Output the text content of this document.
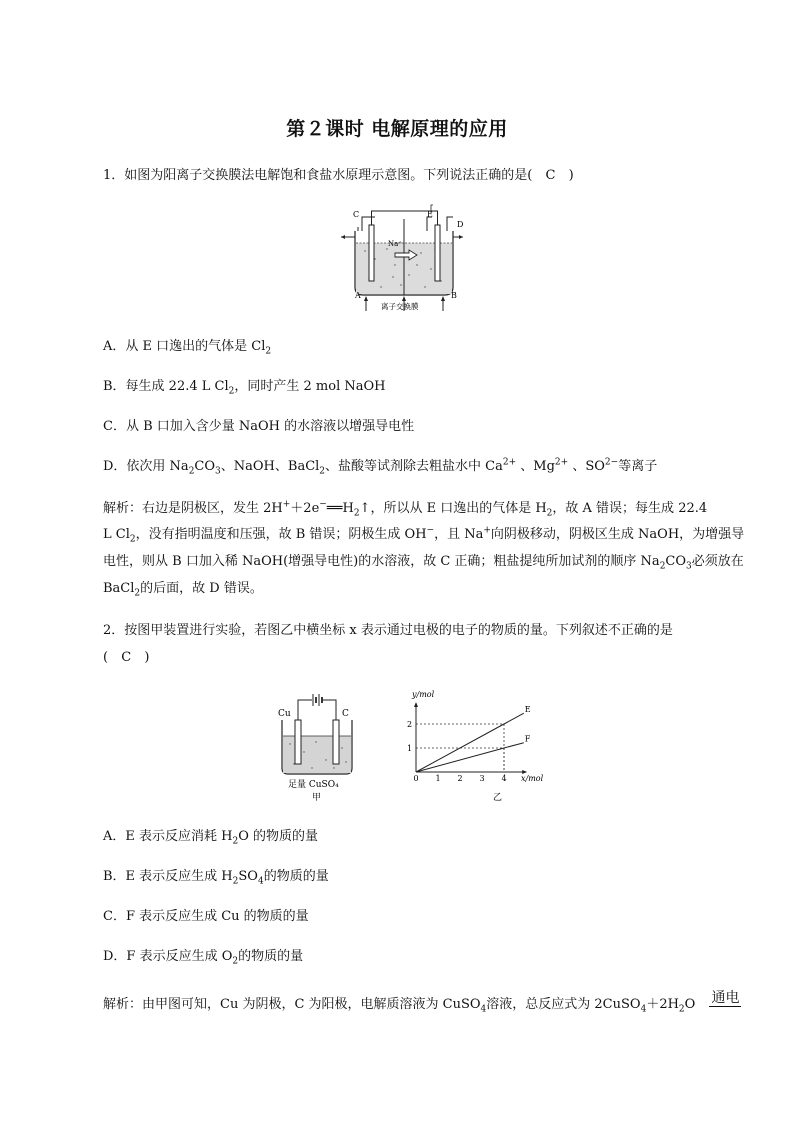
第２课时 电解原理的应用
1．如图为阳离子交换膜法电解饱和食盐水原理示意图。下列说法正确的是( C )
C	E
D
A	B
Na⁺
离子交换膜
A．从 E 口逸出的气体是 $Cl_2$
B．每生成 22.4 L $Cl_2$，同时产生 2 mol NaOH
C．从 B 口加入含少量 NaOH 的水溶液以增强导电性
D．依次用 $Na_2CO_3$、NaOH、BaCl$_2$、盐酸等试剂除去粗盐水中 $Ca^{2+}$ 、$Mg^{2+}$ 、$SO^{2-}$等离子
解析：右边是阴极区，发生 $2H^++2e^-══H_2↑$，所以从 E 口逸出的气体是 $H_2$，故 A 错误；每生成 22.4
L $Cl_2$，没有指明温度和压强，故 B 错误；阴极生成 OH−，且 Na+向阴极移动，阴极区生成 NaOH，为增强导
电性，则从 B 口加入稀 NaOH(增强导电性)的水溶液，故 C 正确；粗盐提纯所加试剂的顺序 $Na_2CO_3$必须放在
BaCl$_2$的后面，故 D 错误。
2．按图甲装置进行实验，若图乙中横坐标 x 表示通过电极的电子的物质的量。下列叙述不正确的是
( C )
Cu	C
足量 CuSO₄
甲
E
F
0 1 2 3 4
1
2
y/mol
x/mol
乙
A．E 表示反应消耗 $H_2O$ 的物质的量
B．E 表示反应生成 $H_2SO_4$的物质的量
C．F 表示反应生成 Cu 的物质的量
D．F 表示反应生成 $O_2$的物质的量
解析：由甲图可知，Cu 为阴极，C 为阳极，电解质溶液为 CuSO$_4$溶液，总反应式为 $2CuSO_4+2H_2O$ 通电
